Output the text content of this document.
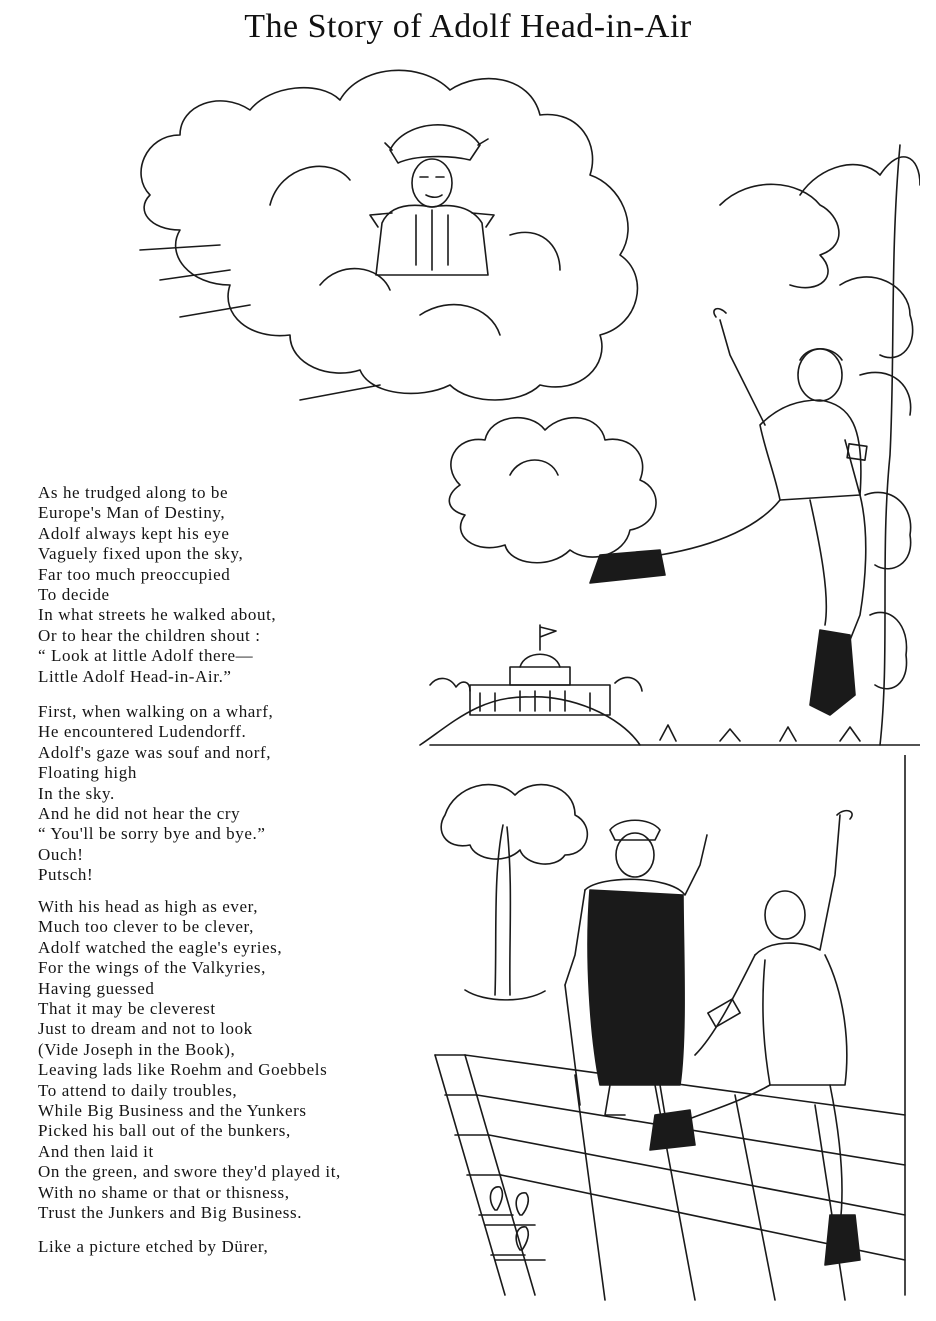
The Story of Adolf Head-in-Air
As he trudged along to be
Europe's Man of Destiny,
Adolf always kept his eye
Vaguely fixed upon the sky,
Far too much preoccupied
To decide
In what streets he walked about,
Or to hear the children shout :
“ Look at little Adolf there—
Little Adolf Head-in-Air.”
First, when walking on a wharf,
He encountered Ludendorff.
Adolf's gaze was souf and norf,
Floating high
In the sky.
And he did not hear the cry
“ You'll be sorry bye and bye.”
Ouch!
Putsch!
With his head as high as ever,
Much too clever to be clever,
Adolf watched the eagle's eyries,
For the wings of the Valkyries,
Having guessed
That it may be cleverest
Just to dream and not to look
(Vide Joseph in the Book),
Leaving lads like Roehm and Goebbels
To attend to daily troubles,
While Big Business and the Yunkers
Picked his ball out of the bunkers,
And then laid it
On the green, and swore they'd played it,
With no shame or that or thisness,
Trust the Junkers and Big Business.
Like a picture etched by Dürer,
